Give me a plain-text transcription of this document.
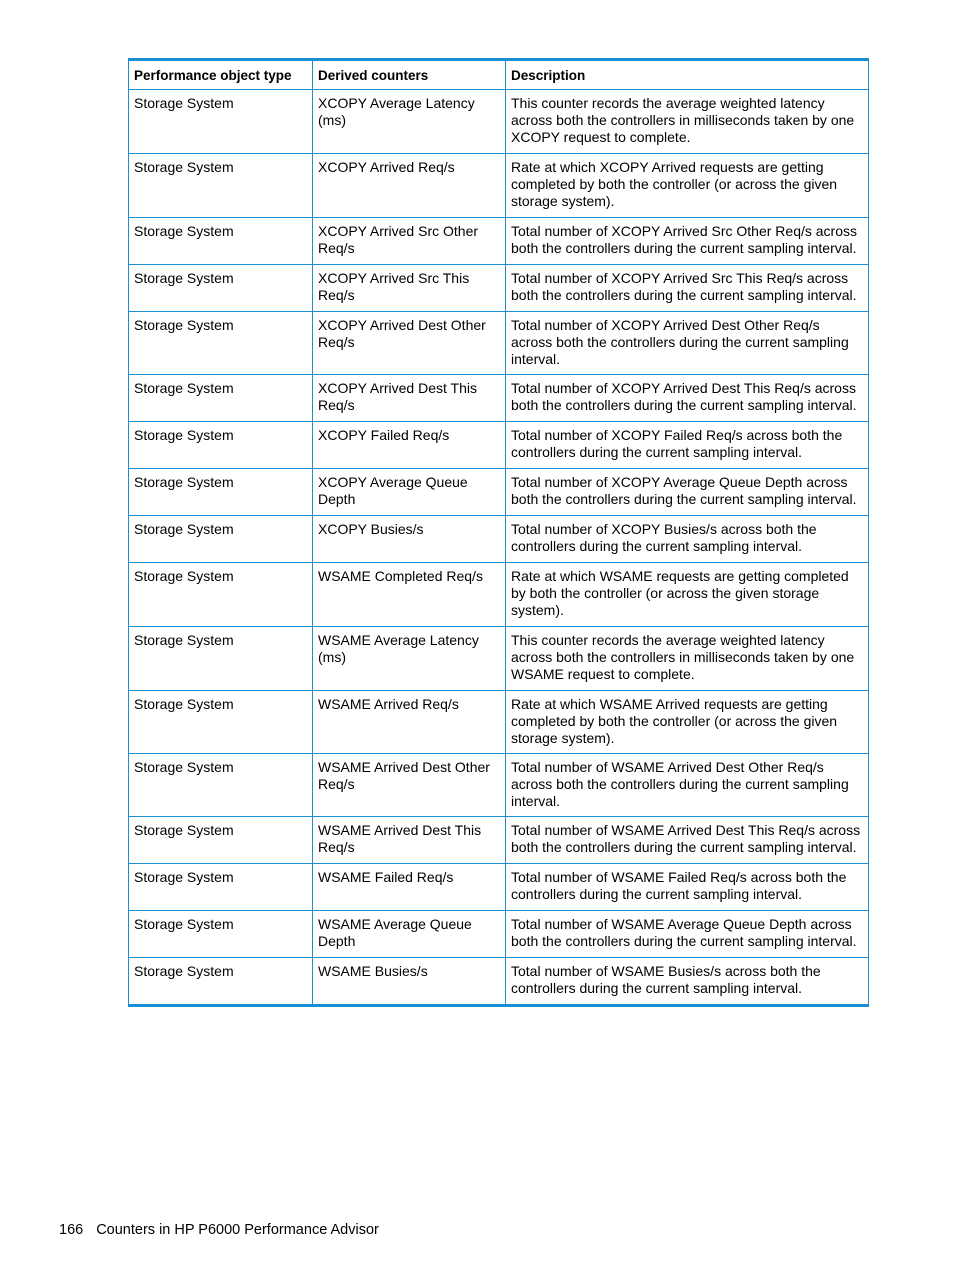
Performance object type	Derived counters	Description
Storage System	XCOPY Average Latency (ms)	This counter records the average weighted latency across both the controllers in milliseconds taken by one XCOPY request to complete.
Storage System	XCOPY Arrived Req/s	Rate at which XCOPY Arrived requests are getting completed by both the controller (or across the given storage system).
Storage System	XCOPY Arrived Src Other Req/s	Total number of XCOPY Arrived Src Other Req/s across both the controllers during the current sampling interval.
Storage System	XCOPY Arrived Src This Req/s	Total number of XCOPY Arrived Src This Req/s across both the controllers during the current sampling interval.
Storage System	XCOPY Arrived Dest Other Req/s	Total number of XCOPY Arrived Dest Other Req/s across both the controllers during the current sampling interval.
Storage System	XCOPY Arrived Dest This Req/s	Total number of XCOPY Arrived Dest This Req/s across both the controllers during the current sampling interval.
Storage System	XCOPY Failed Req/s	Total number of XCOPY Failed Req/s across both the controllers during the current sampling interval.
Storage System	XCOPY Average Queue Depth	Total number of XCOPY Average Queue Depth across both the controllers during the current sampling interval.
Storage System	XCOPY Busies/s	Total number of XCOPY Busies/s across both the controllers during the current sampling interval.
Storage System	WSAME Completed Req/s	Rate at which WSAME requests are getting completed by both the controller (or across the given storage system).
Storage System	WSAME Average Latency (ms)	This counter records the average weighted latency across both the controllers in milliseconds taken by one WSAME request to complete.
Storage System	WSAME Arrived Req/s	Rate at which WSAME Arrived requests are getting completed by both the controller (or across the given storage system).
Storage System	WSAME Arrived Dest Other Req/s	Total number of WSAME Arrived Dest Other Req/s across both the controllers during the current sampling interval.
Storage System	WSAME Arrived Dest This Req/s	Total number of WSAME Arrived Dest This Req/s across both the controllers during the current sampling interval.
Storage System	WSAME Failed Req/s	Total number of WSAME Failed Req/s across both the controllers during the current sampling interval.
Storage System	WSAME Average Queue Depth	Total number of WSAME Average Queue Depth across both the controllers during the current sampling interval.
Storage System	WSAME Busies/s	Total number of WSAME Busies/s across both the controllers during the current sampling interval.
166 Counters in HP P6000 Performance Advisor
